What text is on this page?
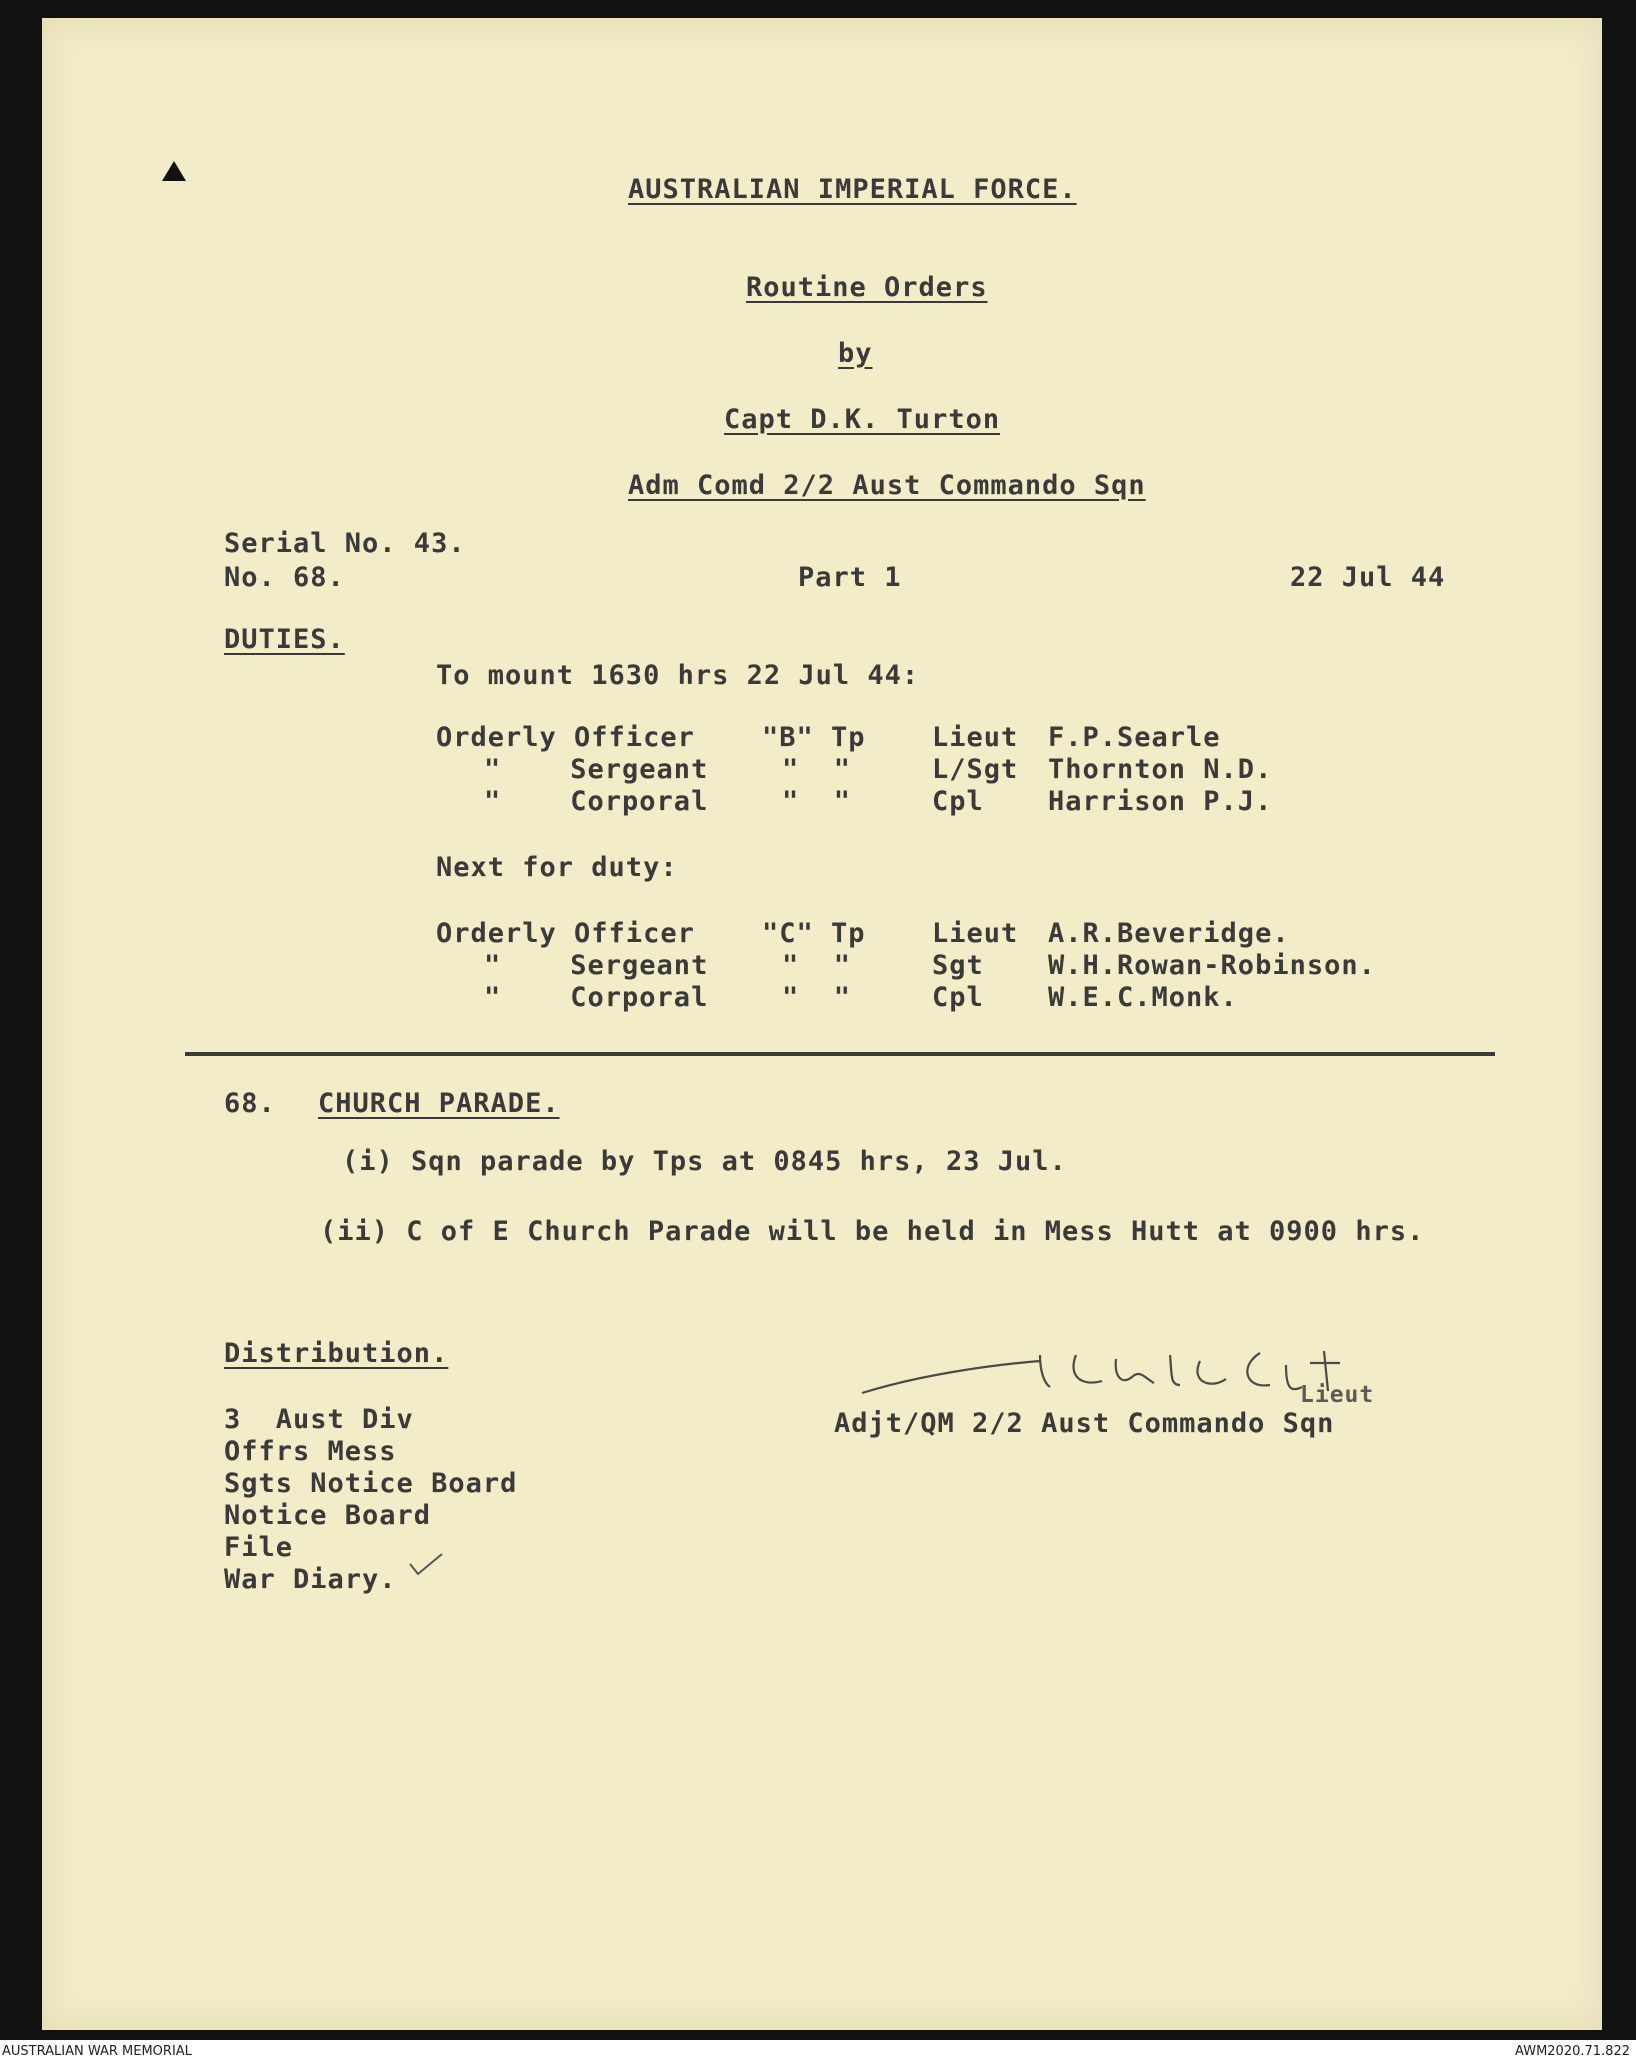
AUSTRALIAN IMPERIAL FORCE.
Routine Orders
by
Capt D.K. Turton
Adm Comd 2/2 Aust Commando Sqn
Serial No. 43.
No. 68.	Part 1	22 Jul 44
DUTIES.
To mount 1630 hrs 22 Jul 44:
Orderly Officer "B" Tp Lieut F.P.Searle
"    Sergeant	"  "	L/Sgt Thornton N.D.
"    Corporal	"  "	Cpl Harrison P.J.
Next for duty:
Orderly Officer "C" Tp Lieut A.R.Beveridge.
"    Sergeant	"  "	Sgt W.H.Rowan-Robinson.
"    Corporal	"  "	Cpl W.E.C.Monk.
68. CHURCH PARADE.
(i) Sqn parade by Tps at 0845 hrs, 23 Jul.
(ii) C of E Church Parade will be held in Mess Hutt at 0900 hrs.
Distribution.
3  Aust Div
Offrs Mess
Sgts Notice Board
Notice Board
File
War Diary.
Lieut
Adjt/QM 2/2 Aust Commando Sqn
AUSTRALIAN WAR MEMORIAL	AWM2020.71.822
